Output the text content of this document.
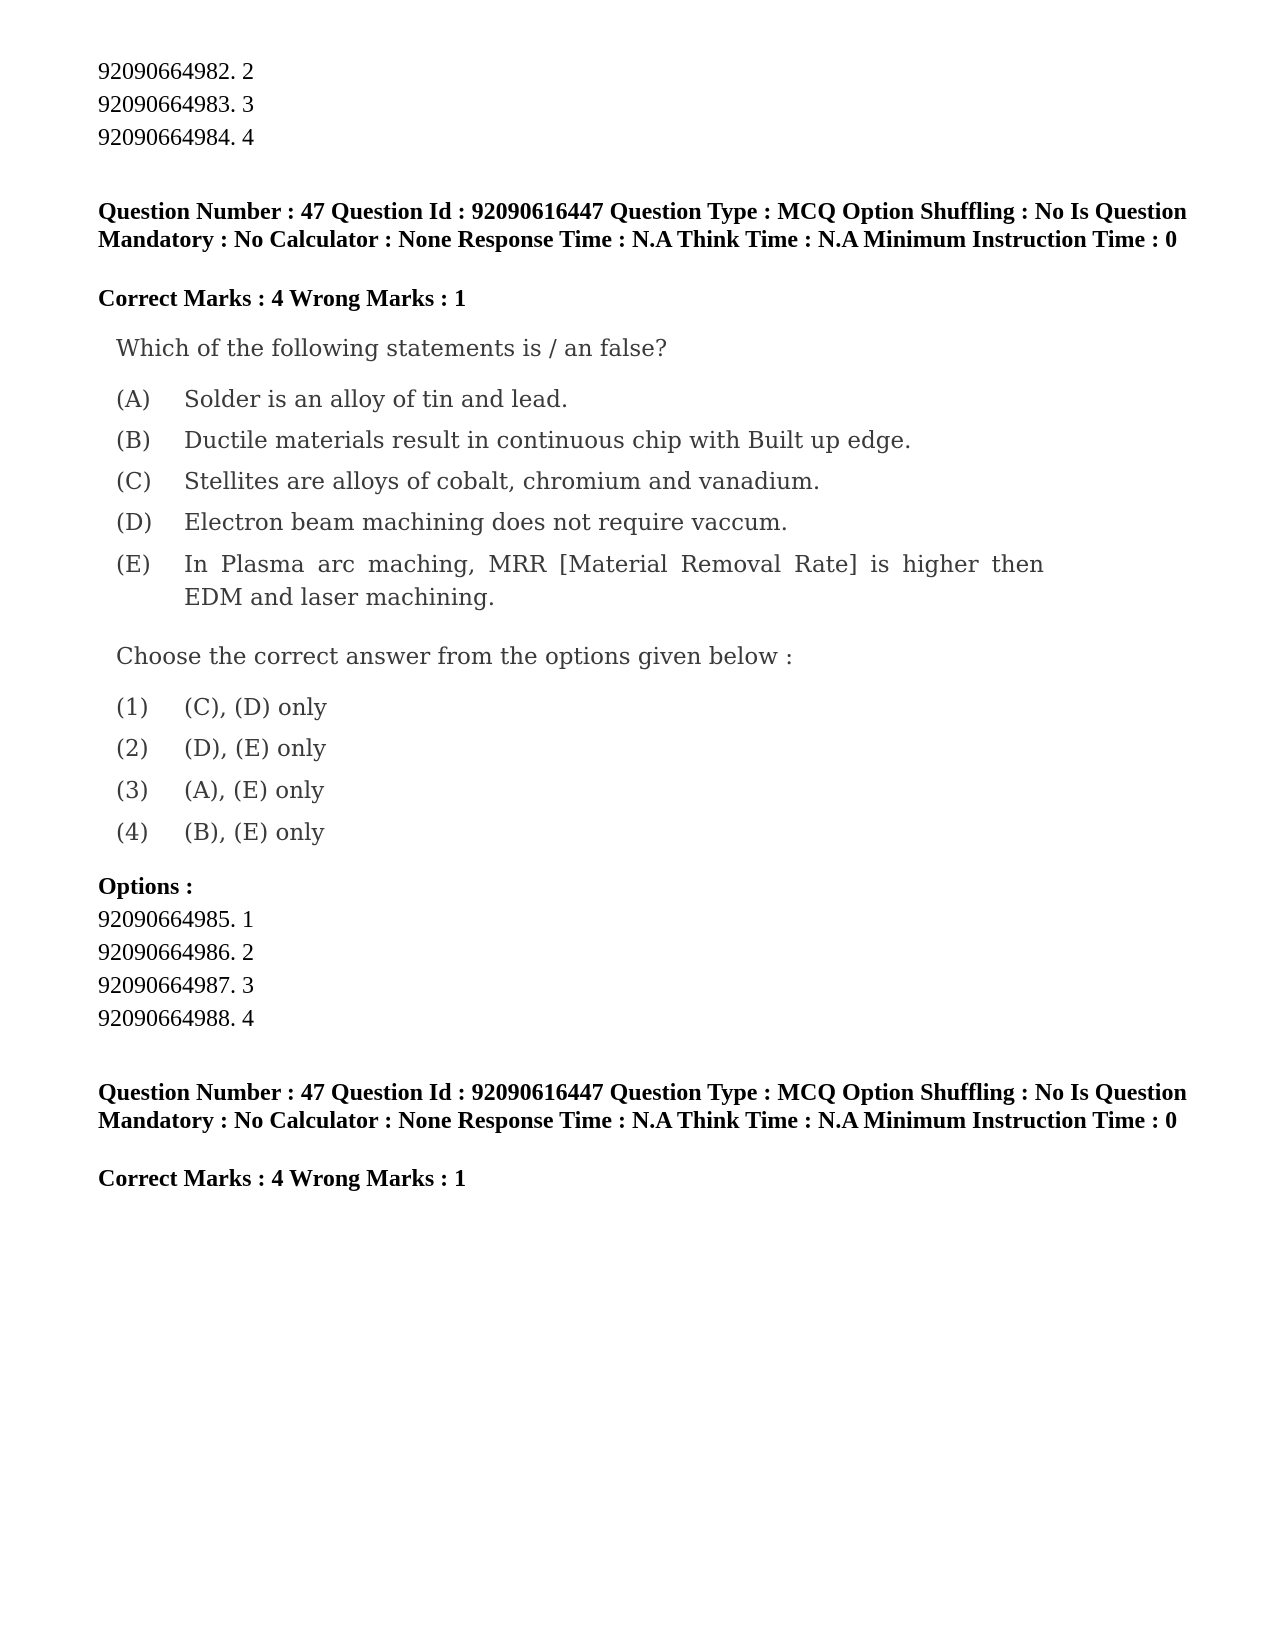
92090664982. 2
92090664983. 3
92090664984. 4
Question Number : 47 Question Id : 92090616447 Question Type : MCQ Option Shuffling : No Is Question Mandatory : No Calculator : None Response Time : N.A Think Time : N.A Minimum Instruction Time : 0
Correct Marks : 4 Wrong Marks : 1
Which of the following statements is / an false?
(A)	Solder is an alloy of tin and lead.
(B)	Ductile materials result in continuous chip with Built up edge.
(C)	Stellites are alloys of cobalt, chromium and vanadium.
(D)	Electron beam machining does not require vaccum.
(E)	In Plasma arc maching, MRR [Material Removal Rate] is higher then
EDM and laser machining.
Choose the correct answer from the options given below :
(1)	(C), (D) only
(2)	(D), (E) only
(3)	(A), (E) only
(4)	(B), (E) only
Options :
92090664985. 1
92090664986. 2
92090664987. 3
92090664988. 4
Question Number : 47 Question Id : 92090616447 Question Type : MCQ Option Shuffling : No Is Question Mandatory : No Calculator : None Response Time : N.A Think Time : N.A Minimum Instruction Time : 0
Correct Marks : 4 Wrong Marks : 1
